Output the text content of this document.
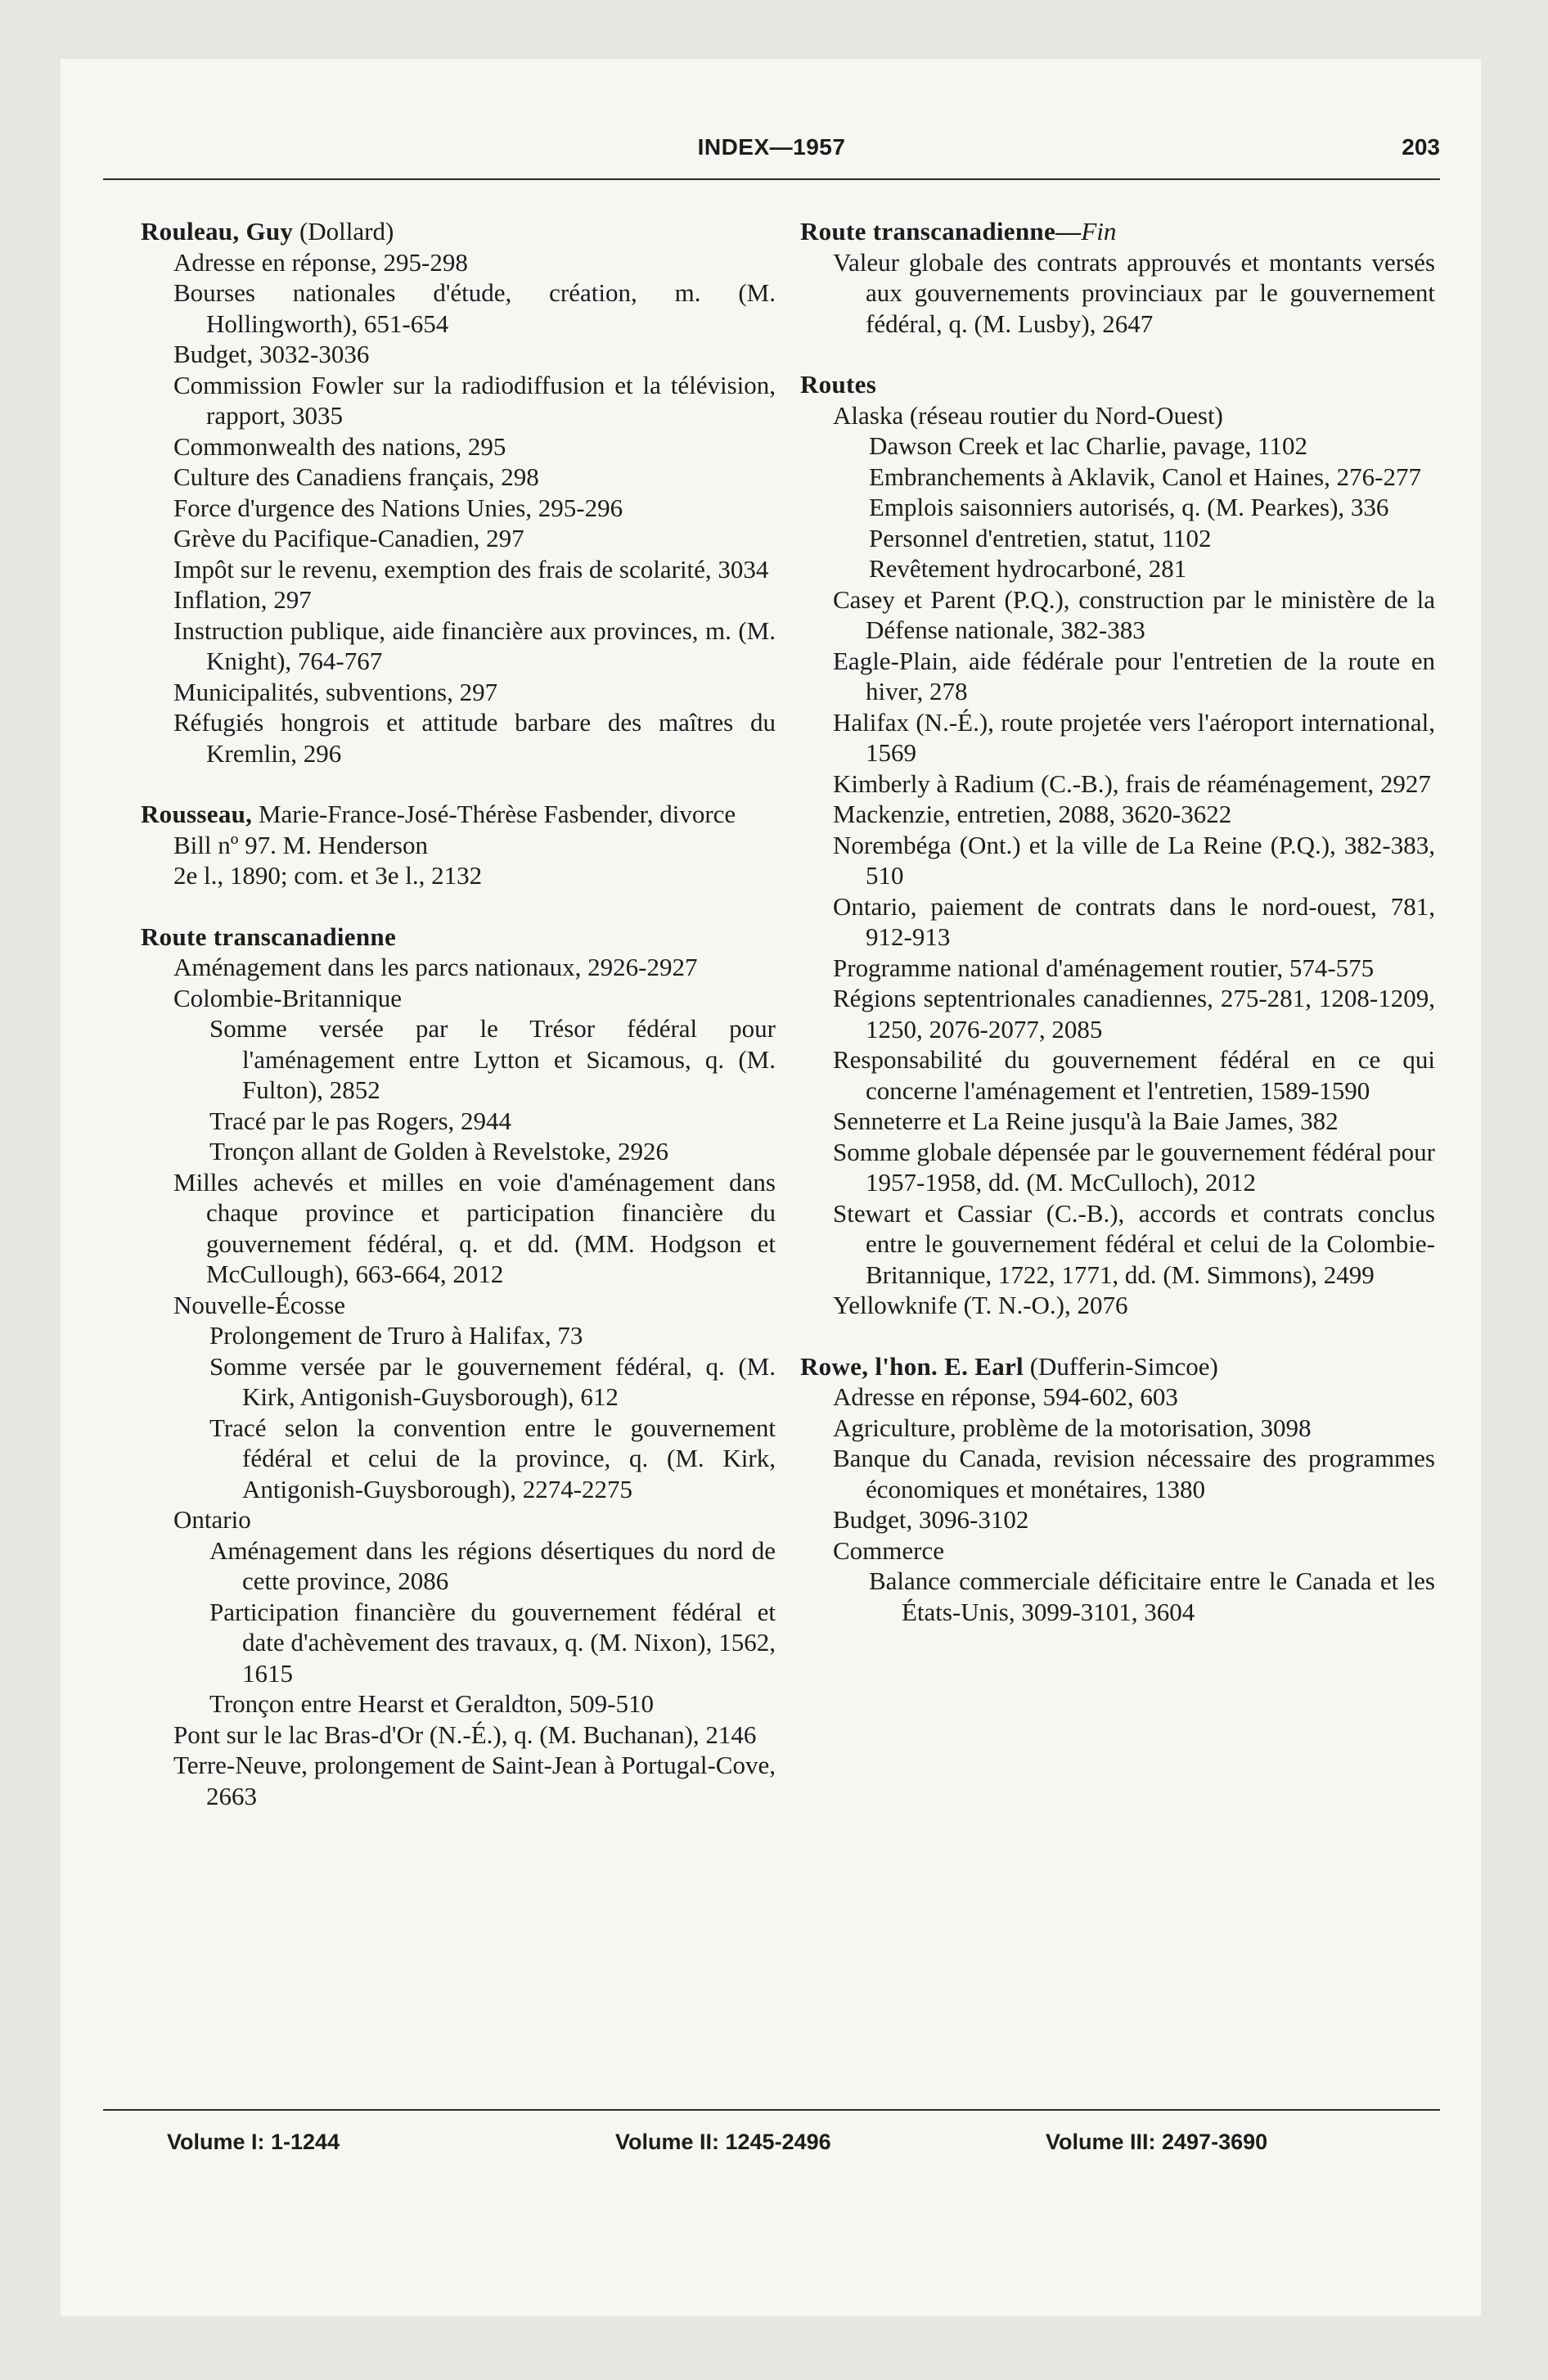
INDEX—1957	203
Rouleau, Guy (Dollard)
Adresse en réponse, 295-298
Bourses nationales d'étude, création, m. (M. Hollingworth), 651-654
Budget, 3032-3036
Commission Fowler sur la radiodiffusion et la télévision, rapport, 3035
Commonwealth des nations, 295
Culture des Canadiens français, 298
Force d'urgence des Nations Unies, 295-296
Grève du Pacifique-Canadien, 297
Impôt sur le revenu, exemption des frais de scolarité, 3034
Inflation, 297
Instruction publique, aide financière aux provinces, m. (M. Knight), 764-767
Municipalités, subventions, 297
Réfugiés hongrois et attitude barbare des maîtres du Kremlin, 296
Rousseau, Marie-France-José-Thérèse Fasbender, divorce
Bill nº 97. M. Henderson
2e l., 1890; com. et 3e l., 2132
Route transcanadienne
Aménagement dans les parcs nationaux, 2926-2927
Colombie-Britannique
Somme versée par le Trésor fédéral pour l'aménagement entre Lytton et Sicamous, q. (M. Fulton), 2852
Tracé par le pas Rogers, 2944
Tronçon allant de Golden à Revelstoke, 2926
Milles achevés et milles en voie d'aménagement dans chaque province et participation financière du gouvernement fédéral, q. et dd. (MM. Hodgson et McCullough), 663-664, 2012
Nouvelle-Écosse
Prolongement de Truro à Halifax, 73
Somme versée par le gouvernement fédéral, q. (M. Kirk, Antigonish-Guysborough), 612
Tracé selon la convention entre le gouvernement fédéral et celui de la province, q. (M. Kirk, Antigonish-Guysborough), 2274-2275
Ontario
Aménagement dans les régions désertiques du nord de cette province, 2086
Participation financière du gouvernement fédéral et date d'achèvement des travaux, q. (M. Nixon), 1562, 1615
Tronçon entre Hearst et Geraldton, 509-510
Pont sur le lac Bras-d'Or (N.-É.), q. (M. Buchanan), 2146
Terre-Neuve, prolongement de Saint-Jean à Portugal-Cove, 2663
Route transcanadienne—Fin
Valeur globale des contrats approuvés et montants versés aux gouvernements provinciaux par le gouvernement fédéral, q. (M. Lusby), 2647
Routes
Alaska (réseau routier du Nord-Ouest)
Dawson Creek et lac Charlie, pavage, 1102
Embranchements à Aklavik, Canol et Haines, 276-277
Emplois saisonniers autorisés, q. (M. Pearkes), 336
Personnel d'entretien, statut, 1102
Revêtement hydrocarboné, 281
Casey et Parent (P.Q.), construction par le ministère de la Défense nationale, 382-383
Eagle-Plain, aide fédérale pour l'entretien de la route en hiver, 278
Halifax (N.-É.), route projetée vers l'aéroport international, 1569
Kimberly à Radium (C.-B.), frais de réaménagement, 2927
Mackenzie, entretien, 2088, 3620-3622
Norembéga (Ont.) et la ville de La Reine (P.Q.), 382-383, 510
Ontario, paiement de contrats dans le nord-ouest, 781, 912-913
Programme national d'aménagement routier, 574-575
Régions septentrionales canadiennes, 275-281, 1208-1209, 1250, 2076-2077, 2085
Responsabilité du gouvernement fédéral en ce qui concerne l'aménagement et l'entretien, 1589-1590
Senneterre et La Reine jusqu'à la Baie James, 382
Somme globale dépensée par le gouvernement fédéral pour 1957-1958, dd. (M. McCulloch), 2012
Stewart et Cassiar (C.-B.), accords et contrats conclus entre le gouvernement fédéral et celui de la Colombie-Britannique, 1722, 1771, dd. (M. Simmons), 2499
Yellowknife (T. N.-O.), 2076
Rowe, l'hon. E. Earl (Dufferin-Simcoe)
Adresse en réponse, 594-602, 603
Agriculture, problème de la motorisation, 3098
Banque du Canada, revision nécessaire des programmes économiques et monétaires, 1380
Budget, 3096-3102
Commerce
Balance commerciale déficitaire entre le Canada et les États-Unis, 3099-3101, 3604
Volume I: 1-1244	Volume II: 1245-2496	Volume III: 2497-3690
